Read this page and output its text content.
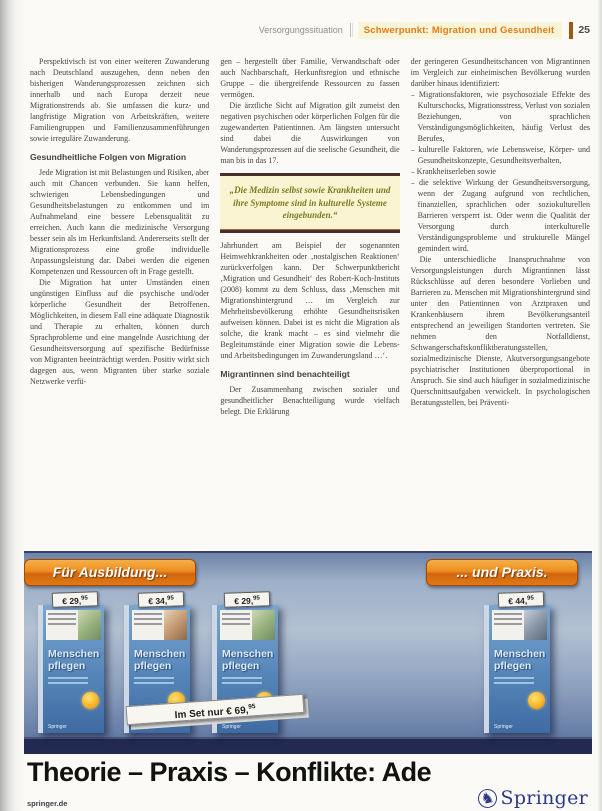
Versorgungssituation	Schwerpunkt: Migration und Gesundheit	25

Perspektivisch ist von einer weiteren Zuwanderung nach Deutschland auszugehen, denn neben den bisherigen Wanderungsprozessen zeichnen sich innerhalb und nach Europa derzeit neue Migrationstrends ab. Sie umfassen die kurz- und langfristige Migration von Arbeitskräften, weitere Familiengruppen und Familienzusammenführungen sowie irreguläre Zuwanderung.

Gesundheitliche Folgen von Migration

Jede Migration ist mit Belastungen und Risiken, aber auch mit Chancen verbunden. Sie kann helfen, schwierigen Lebensbedingungen und Gesundheitsbelastungen zu entkommen und im Aufnahmeland eine bessere Lebensqualität zu erreichen. Auch kann die medizinische Versorgung besser sein als im Herkunftsland. Andererseits stellt der Migrationsprozess eine große individuelle Anpassungsleistung dar. Dabei werden die eigenen Kompetenzen und Ressourcen oft in Frage gestellt.

Die Migration hat unter Umständen einen ungünstigen Einfluss auf die psychische und/oder körperliche Gesundheit der Betroffenen. Möglichkeiten, in diesem Fall eine adäquate Diagnostik und Therapie zu erhalten, können durch Sprachprobleme und eine mangelnde Ausrichtung der Gesundheitsversorgung auf spezifische Bedürfnisse von Migranten beeinträchtigt werden. Positiv wirkt sich dagegen aus, wenn Migranten über starke soziale Netzwerke verfü-

gen – hergestellt über Familie, Verwandtschaft oder auch Nachbarschaft, Herkunftsregion und ethnische Gruppe – die übergreifende Ressourcen zu fassen vermögen.

Die ärztliche Sicht auf Migration gilt zumeist den negativen psychischen oder körperlichen Folgen für die zugewanderten Patientinnen. Am längsten untersucht sind dabei die Auswirkungen von Wanderungsprozessen auf die seelische Gesundheit, die man bis in das 17.

„Die Medizin selbst sowie Krankheiten und ihre Symptome sind in kulturelle Systeme eingebunden.“

Jahrhundert am Beispiel der sogenannten Heimwehkrankheiten oder ‚nostalgischen Reaktionen‘ zurückverfolgen kann. Der Schwerpunktbericht ‚Migration und Gesundheit‘ des Robert-Koch-Instituts (2008) kommt zu dem Schluss, dass ‚Menschen mit Migrationshintergrund … im Vergleich zur Mehrheitsbevölkerung erhöhte Gesundheitsrisiken aufweisen können. Dabei ist es nicht die Migration als solche, die krank macht – es sind vielmehr die Begleitumstände einer Migration sowie die Lebens- und Arbeitsbedingungen im Zuwanderungsland …‘.

Migrantinnen sind benachteiligt

Der Zusammenhang zwischen sozialer und gesundheitlicher Benachteiligung wurde vielfach belegt. Die Erklärung

der geringeren Gesundheitschancen von Migrantinnen im Vergleich zur einheimischen Bevölkerung wurden darüber hinaus identifiziert:

– Migrationsfaktoren, wie psychosoziale Effekte des Kulturschocks, Migrationsstress, Verlust von sozialen Beziehungen, von sprachlichen Verständigungsmöglichkeiten, häufig Verlust des Berufes,
– kulturelle Faktoren, wie Lebensweise, Körper- und Gesundheitskonzepte, Gesundheitsverhalten,
– Krankheitserleben sowie
– die selektive Wirkung der Gesundheitsversorgung, wenn der Zugang aufgrund von rechtlichen, finanziellen, sprachlichen oder soziokulturellen Barrieren versperrt ist. Oder wenn die Qualität der Versorgung durch interkulturelle Verständigungsprobleme und strukturelle Mängel gemindert wird.

Die unterschiedliche Inanspruchnahme von Versorgungsleistungen durch Migrantinnen lässt Rückschlüsse auf deren besondere Vorlieben und Barrieren zu. Menschen mit Migrationshintergrund sind unter den Patientinnen von Arztpraxen und Krankenhäusern ihrem Bevölkerungsanteil entsprechend an jeweiligen Standorten vertreten. Sie nehmen den Notfalldienst, Schwangerschaftskonfliktberatungsstellen, sozialmedizinische Dienste, Akutversorgungsangebote psychiatrischer Institutionen überproportional in Anspruch. Sie sind auch häufiger in sozialmedizinische Querschnittsaufgaben verwickelt. In psychologischen Beratungsstellen, bei Präventi-

Für Ausbildung...	... und Praxis.
€ 29,95	€ 34,95	€ 29,95	€ 44,95
Menschen pflegen
Springer
Menschen pflegen
Springer
Menschen pflegen
Springer
Menschen pflegen
Springer
Im Set nur € 69,95
Theorie – Praxis – Konflikte: Ade
springer.de	♞ Springer
